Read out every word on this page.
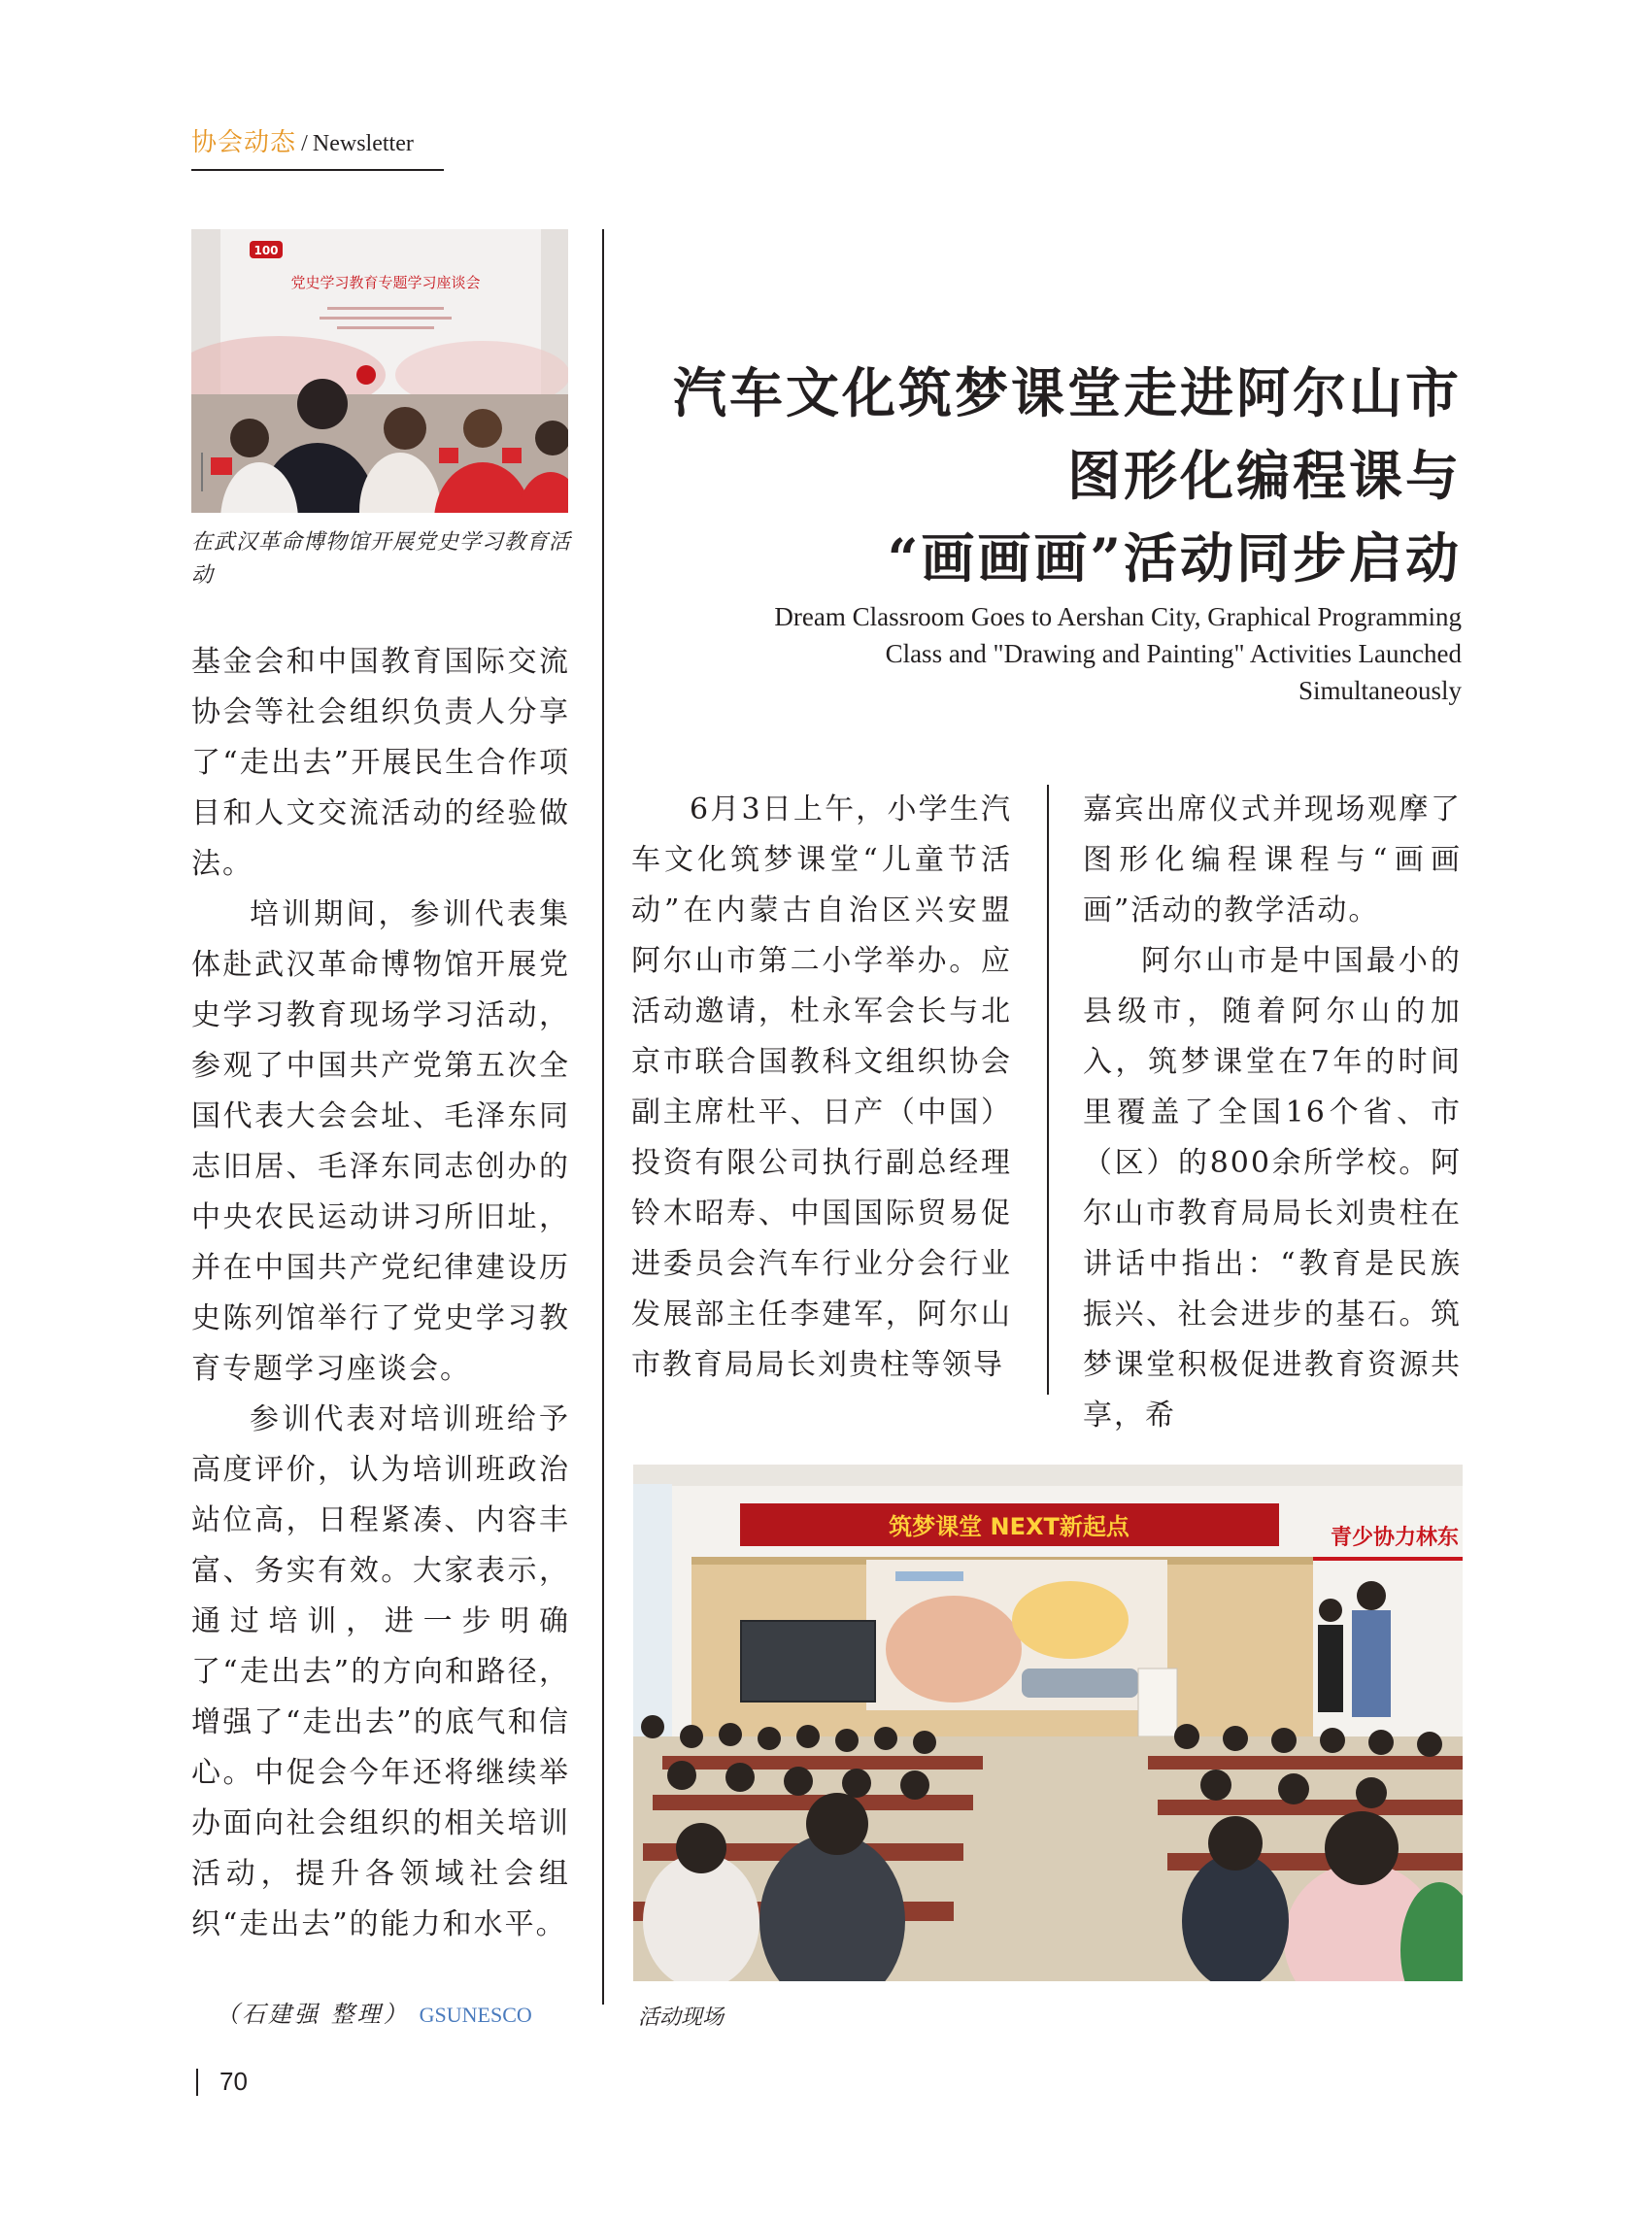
协会动态 / Newsletter
100
党史学习教育专题学习座谈会
在武汉革命博物馆开展党史学习教育活动

基金会和中国教育国际交流协会等社会组织负责人分享了“走出去”开展民生合作项目和人文交流活动的经验做法。

培训期间，参训代表集体赴武汉革命博物馆开展党史学习教育现场学习活动，参观了中国共产党第五次全国代表大会会址、毛泽东同志旧居、毛泽东同志创办的中央农民运动讲习所旧址，并在中国共产党纪律建设历史陈列馆举行了党史学习教育专题学习座谈会。

参训代表对培训班给予高度评价，认为培训班政治站位高，日程紧凑、内容丰富、务实有效。大家表示，通过培训，进一步明确了“走出去”的方向和路径，增强了“走出去”的底气和信心。中促会今年还将继续举办面向社会组织的相关培训活动，提升各领域社会组织“走出去”的能力和水平。

（石建强 整理） GSUNESCO
汽车文化筑梦课堂走进阿尔山市
图形化编程课与
“画画画”活动同步启动
Dream Classroom Goes to Aershan City, Graphical Programming
Class and "Drawing and Painting" Activities Launched
Simultaneously

6月3日上午，小学生汽车文化筑梦课堂“儿童节活动”在内蒙古自治区兴安盟阿尔山市第二小学举办。应活动邀请，杜永军会长与北京市联合国教科文组织协会副主席杜平、日产（中国）投资有限公司执行副总经理铃木昭寿、中国国际贸易促进委员会汽车行业分会行业发展部主任李建军，阿尔山市教育局局长刘贵柱等领导

嘉宾出席仪式并现场观摩了图形化编程课程与“画画画”活动的教学活动。

阿尔山市是中国最小的县级市，随着阿尔山的加入，筑梦课堂在7年的时间里覆盖了全国16个省、市（区）的800余所学校。阿尔山市教育局局长刘贵柱在讲话中指出：“教育是民族振兴、社会进步的基石。筑梦课堂积极促进教育资源共享，希

筑梦课堂 NEXT新起点	青少协力林东
活动现场
70
